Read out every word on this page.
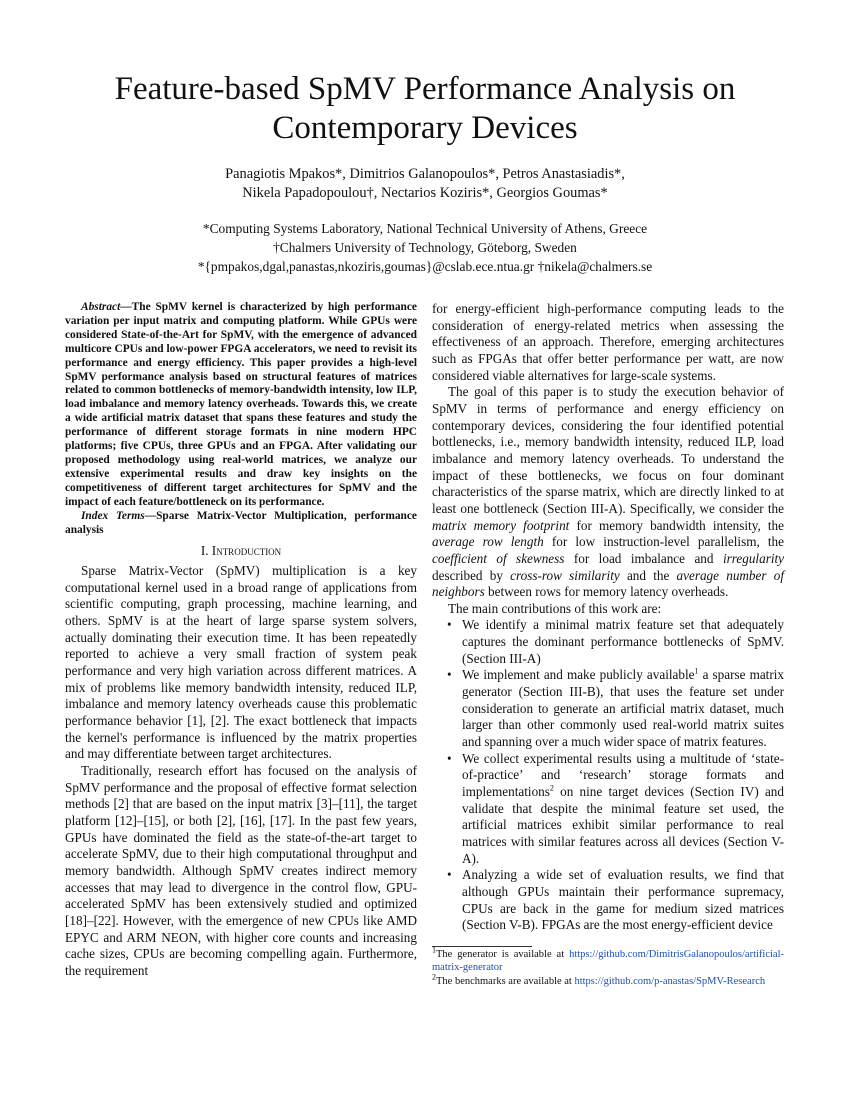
Feature-based SpMV Performance Analysis on Contemporary Devices
Panagiotis Mpakos*, Dimitrios Galanopoulos*, Petros Anastasiadis*,
Nikela Papadopoulou†, Nectarios Koziris*, Georgios Goumas*
*Computing Systems Laboratory, National Technical University of Athens, Greece
†Chalmers University of Technology, Göteborg, Sweden
*{pmpakos,dgal,panastas,nkoziris,goumas}@cslab.ece.ntua.gr †nikela@chalmers.se

Abstract—The SpMV kernel is characterized by high performance variation per input matrix and computing platform. While GPUs were considered State-of-the-Art for SpMV, with the emergence of advanced multicore CPUs and low-power FPGA accelerators, we need to revisit its performance and energy efficiency. This paper provides a high-level SpMV performance analysis based on structural features of matrices related to common bottlenecks of memory-bandwidth intensity, low ILP, load imbalance and memory latency overheads. Towards this, we create a wide artificial matrix dataset that spans these features and study the performance of different storage formats in nine modern HPC platforms; five CPUs, three GPUs and an FPGA. After validating our proposed methodology using real-world matrices, we analyze our extensive experimental results and draw key insights on the competitiveness of different target architectures for SpMV and the impact of each feature/bottleneck on its performance.

Index Terms—Sparse Matrix-Vector Multiplication, performance analysis

I. Introduction

Sparse Matrix-Vector (SpMV) multiplication is a key computational kernel used in a broad range of applications from scientific computing, graph processing, machine learning, and others. SpMV is at the heart of large sparse system solvers, actually dominating their execution time. It has been repeatedly reported to achieve a very small fraction of system peak performance and very high variation across different matrices. A mix of problems like memory bandwidth intensity, reduced ILP, imbalance and memory latency overheads cause this problematic performance behavior [1], [2]. The exact bottleneck that impacts the kernel's performance is influenced by the matrix properties and may differentiate between target architectures.

Traditionally, research effort has focused on the analysis of SpMV performance and the proposal of effective format selection methods [2] that are based on the input matrix [3]–[11], the target platform [12]–[15], or both [2], [16], [17]. In the past few years, GPUs have dominated the field as the state-of-the-art target to accelerate SpMV, due to their high computational throughput and memory bandwidth. Although SpMV creates indirect memory accesses that may lead to divergence in the control flow, GPU-accelerated SpMV has been extensively studied and optimized [18]–[22]. However, with the emergence of new CPUs like AMD EPYC and ARM NEON, with higher core counts and increasing cache sizes, CPUs are becoming compelling again. Furthermore, the requirement

for energy-efficient high-performance computing leads to the consideration of energy-related metrics when assessing the effectiveness of an approach. Therefore, emerging architectures such as FPGAs that offer better performance per watt, are now considered viable alternatives for large-scale systems.

The goal of this paper is to study the execution behavior of SpMV in terms of performance and energy efficiency on contemporary devices, considering the four identified potential bottlenecks, i.e., memory bandwidth intensity, reduced ILP, load imbalance and memory latency overheads. To understand the impact of these bottlenecks, we focus on four dominant characteristics of the sparse matrix, which are directly linked to at least one bottleneck (Section III-A). Specifically, we consider the matrix memory footprint for memory bandwidth intensity, the average row length for low instruction-level parallelism, the coefficient of skewness for load imbalance and irregularity described by cross-row similarity and the average number of neighbors between rows for memory latency overheads.

The main contributions of this work are:

• We identify a minimal matrix feature set that adequately captures the dominant performance bottlenecks of SpMV. (Section III-A)
• We implement and make publicly available$^1$ a sparse matrix generator (Section III-B), that uses the feature set under consideration to generate an artificial matrix dataset, much larger than other commonly used real-world matrix suites and spanning over a much wider space of matrix features.
• We collect experimental results using a multitude of ‘state-of-practice’ and ‘research’ storage formats and implementations$^2$ on nine target devices (Section IV) and validate that despite the minimal feature set used, the artificial matrices exhibit similar performance to real matrices with similar features across all devices (Section V-A).
• Analyzing a wide set of evaluation results, we find that although GPUs maintain their performance supremacy, CPUs are back in the game for medium sized matrices (Section V-B). FPGAs are the most energy-efficient device
$^1$The generator is available at https://github.com/DimitrisGalanopoulos/artificial-matrix-generator
$^2$The benchmarks are available at https://github.com/p-anastas/SpMV-Research
